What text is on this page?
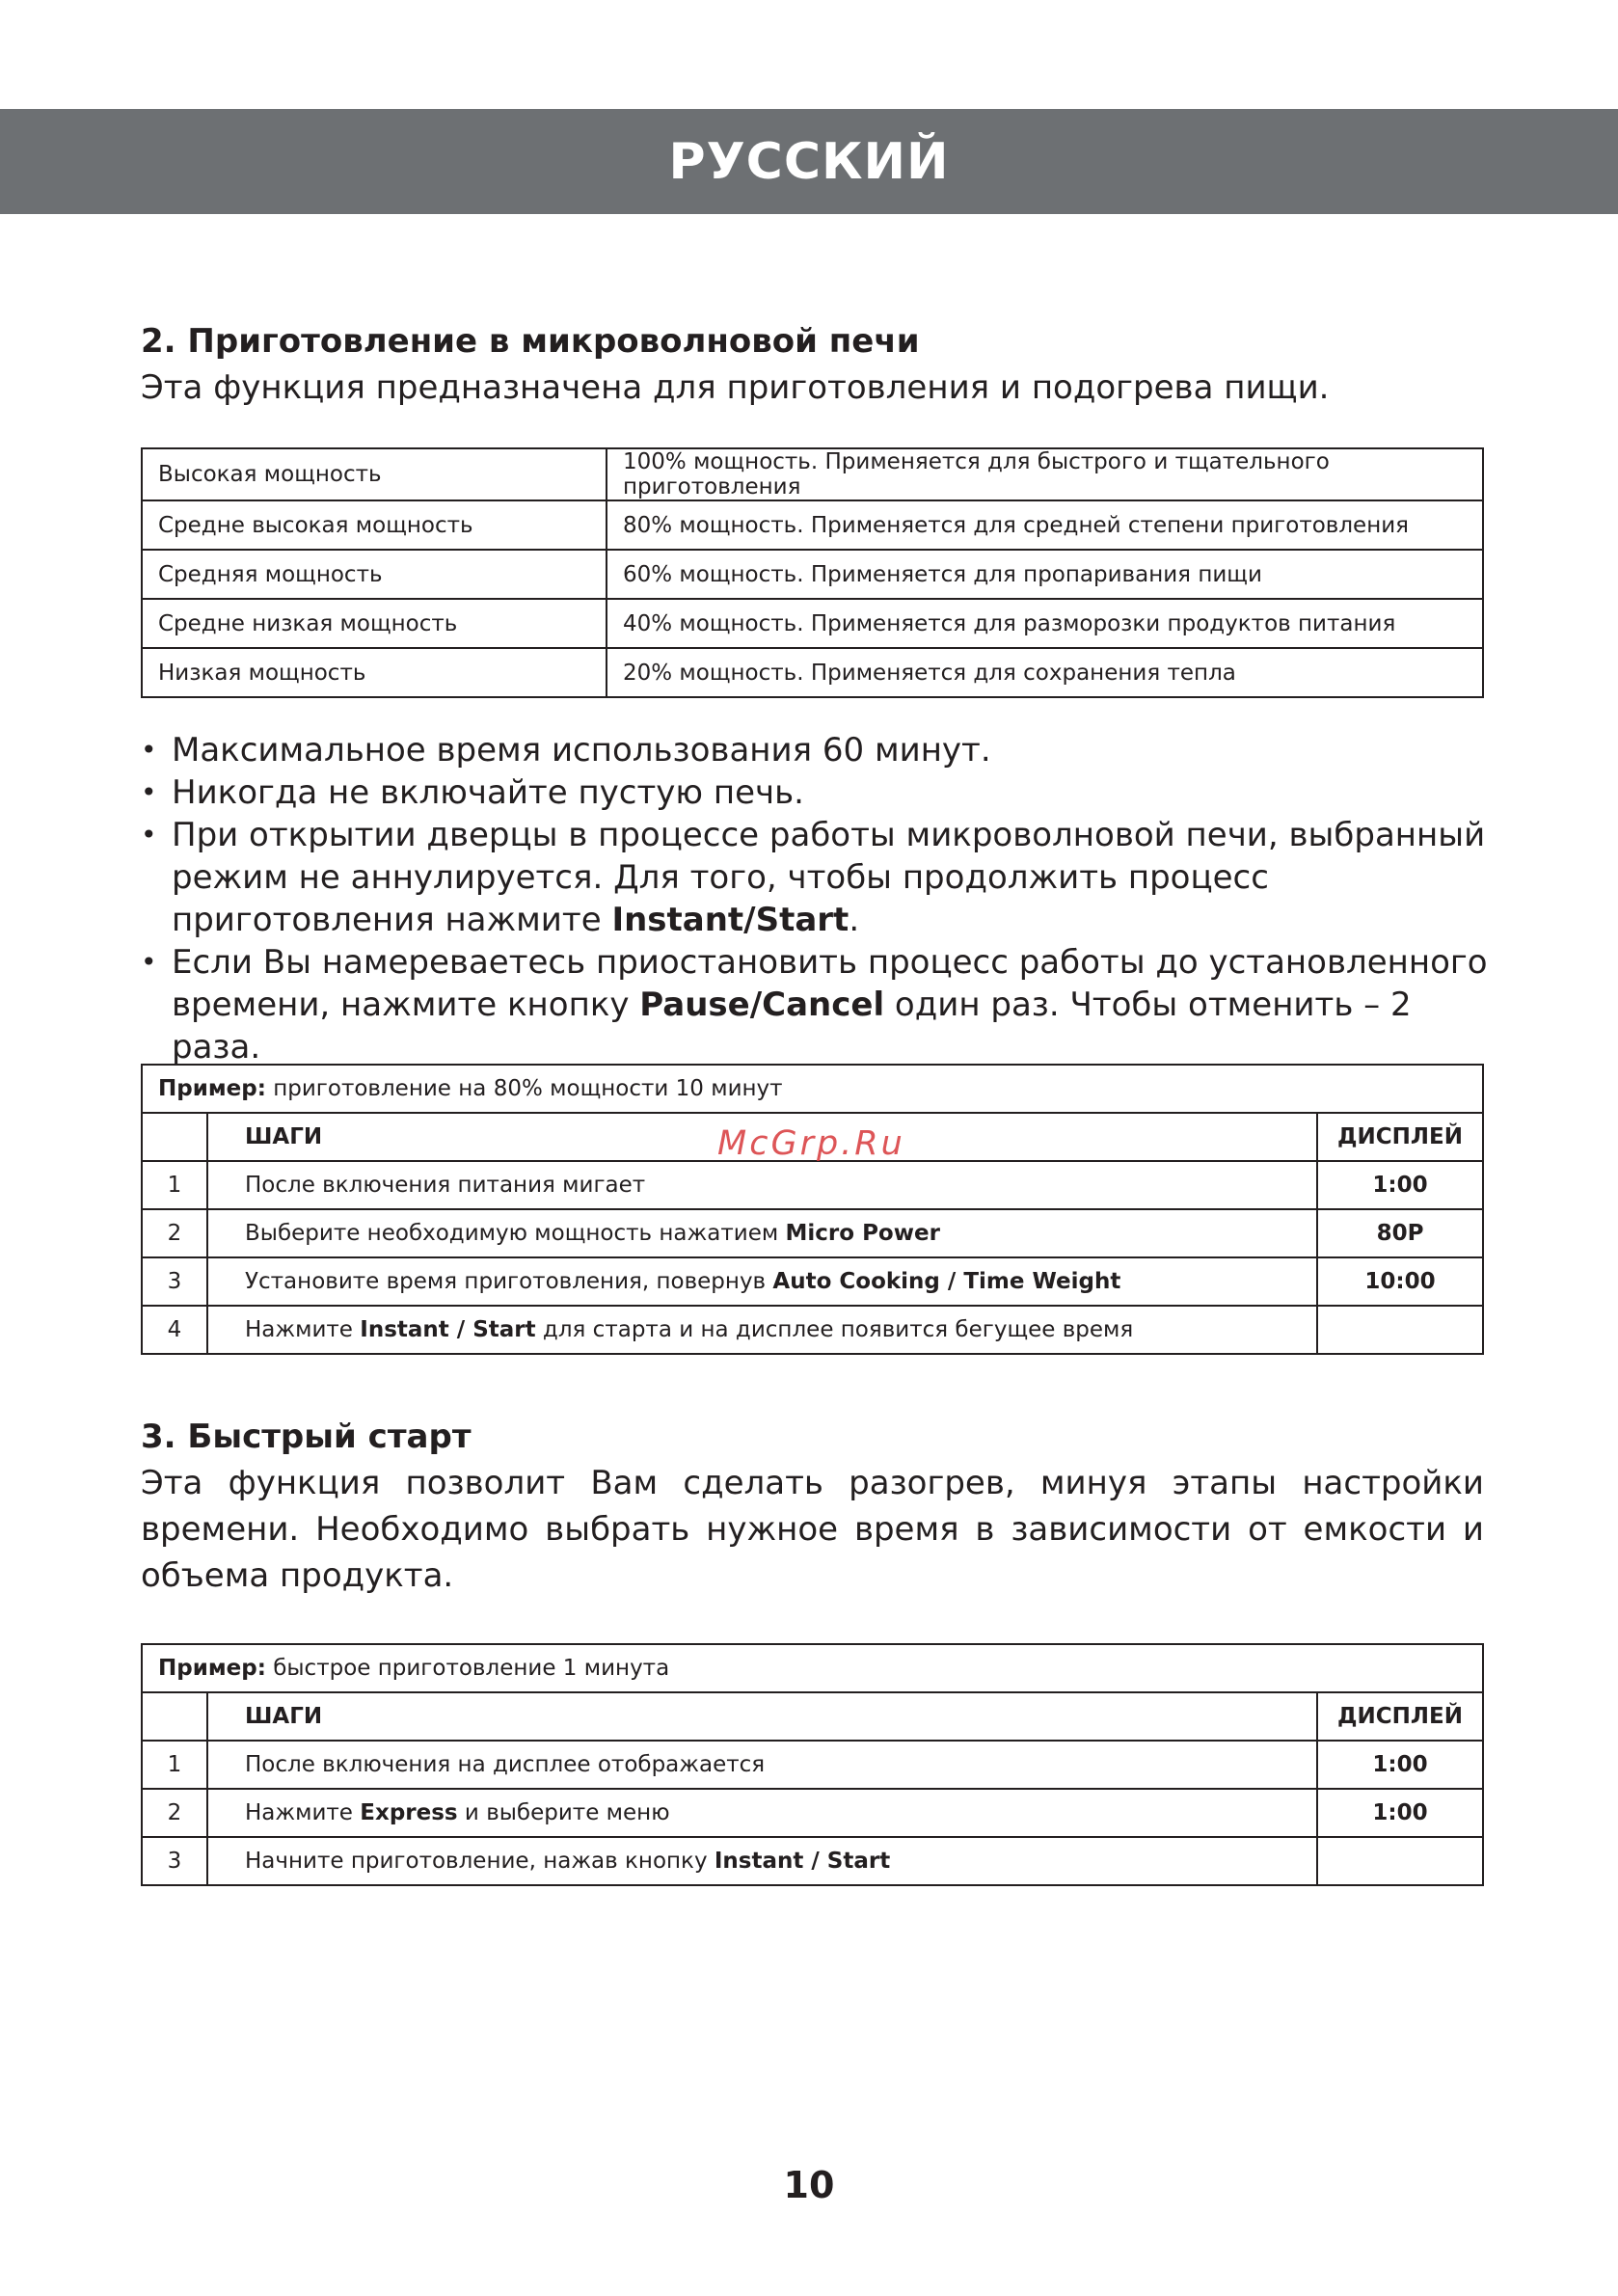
РУССКИЙ
2. Приготовление в микроволновой печи
Эта функция предназначена для приготовления и подогрева пищи.
Высокая мощность	100% мощность. Применяется для быстрого и тщательного приготовления
Средне высокая мощность	80% мощность. Применяется для средней степени приготовления
Средняя мощность	60% мощность. Применяется для пропаривания пищи
Средне низкая мощность	40% мощность. Применяется для разморозки продуктов питания
Низкая мощность	20% мощность. Применяется для сохранения тепла
• Максимальное время использования 60 минут.
• Никогда не включайте пустую печь.
• При открытии дверцы в процессе работы микроволновой печи, выбранный режим не аннулируется. Для того, чтобы продолжить процесс приготовления нажмите Instant/Start.
• Если Вы намереваетесь приостановить процесс работы до установленного времени, нажмите кнопку Pause/Cancel один раз. Чтобы отменить – 2 раза.
Пример: приготовление на 80% мощности 10 минут		
	ШАГИ	ДИСПЛЕЙ
1	После включения питания мигает	1:00
2	Выберите необходимую мощность нажатием Micro Power	80P
3	Установите время приготовления, повернув Auto Cooking / Time Weight	10:00
4	Нажмите Instant / Start для старта и на дисплее появится бегущее время	
McGrp.Ru
3. Быстрый старт
Эта функция позволит Вам сделать разогрев, минуя этапы настройки времени. Необходимо выбрать нужное время в зависимости от емкости и объема продукта.
Пример: быстрое приготовление 1 минута		
	ШАГИ	ДИСПЛЕЙ
1	После включения на дисплее отображается	1:00
2	Нажмите Express и выберите меню	1:00
3	Начните приготовление, нажав кнопку Instant / Start	
10
